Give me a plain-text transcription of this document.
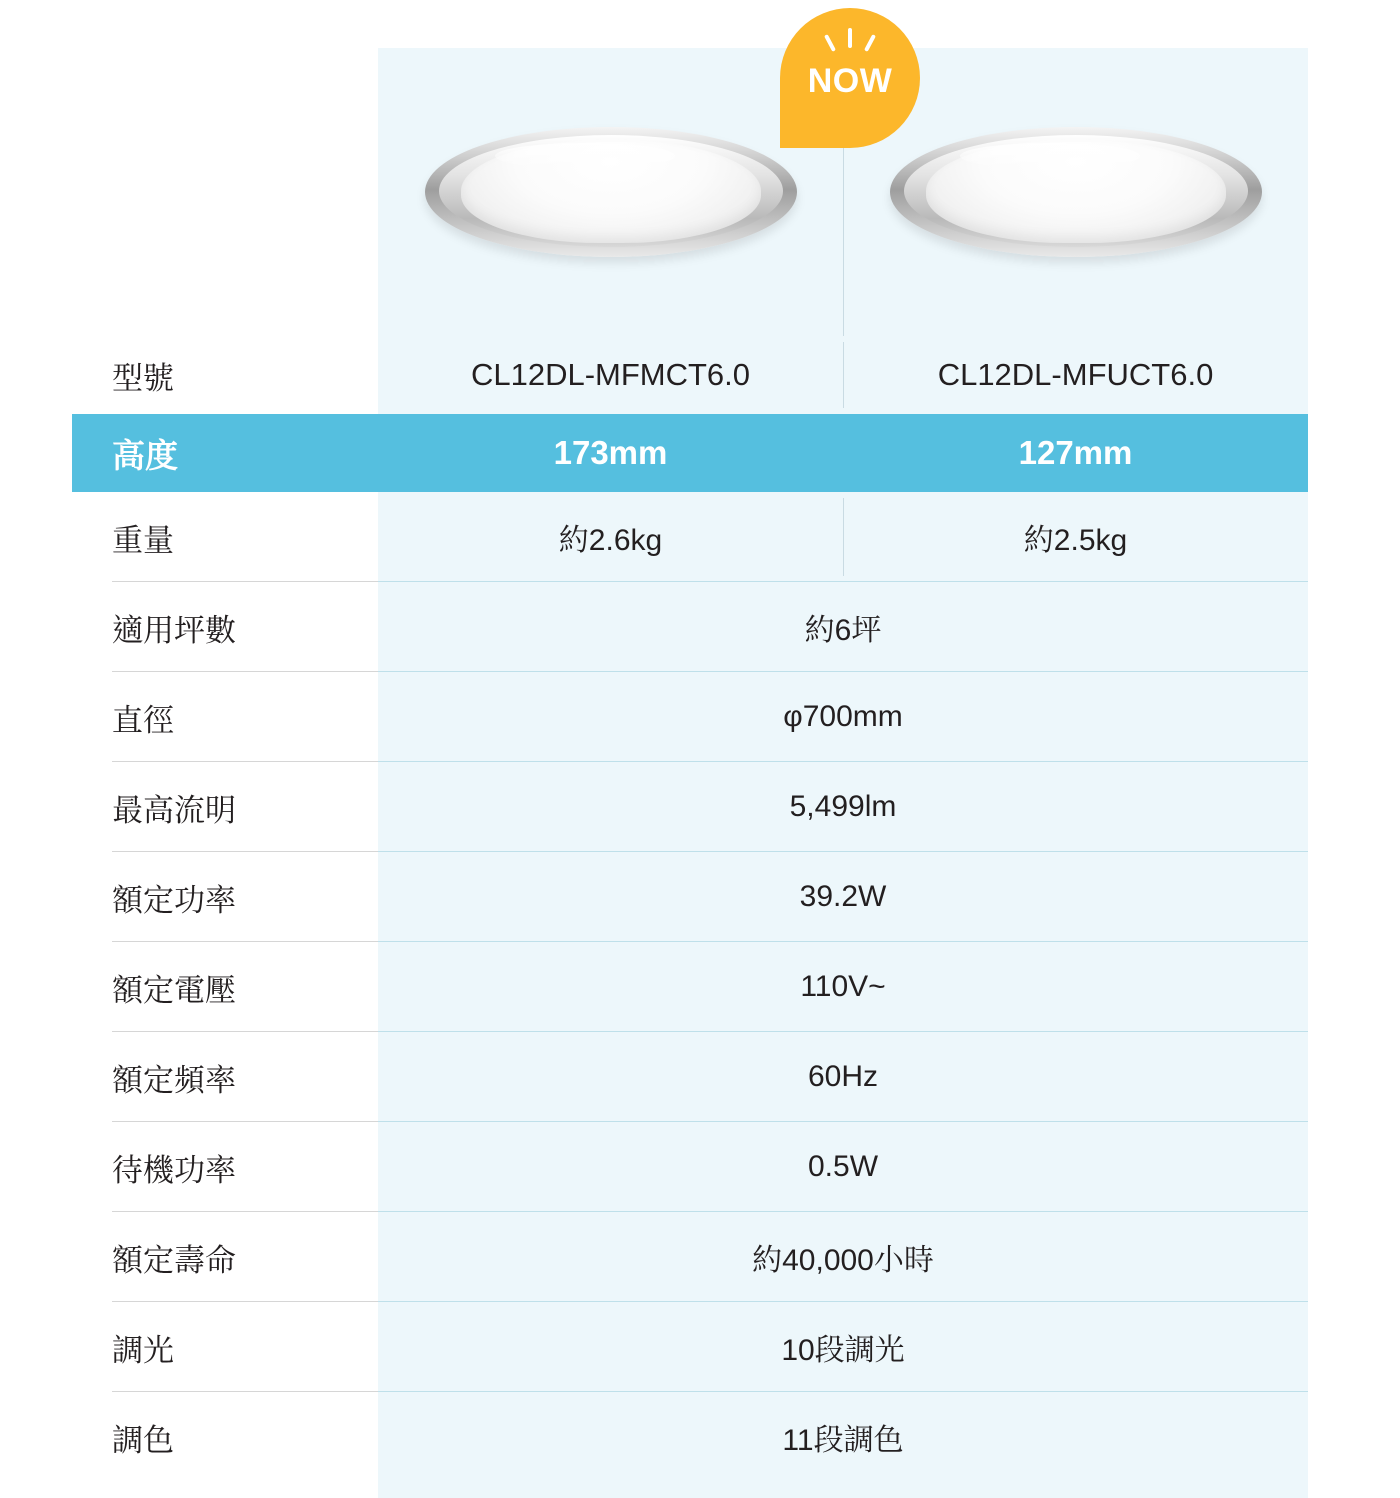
NOW
型號	CL12DL-MFMCT6.0	CL12DL-MFUCT6.0
高度	173mm	127mm
重量	約2.6kg	約2.5kg
適用坪數	約6坪
直徑	φ700mm
最高流明	5,499lm
額定功率	39.2W
額定電壓	110V~
額定頻率	60Hz
待機功率	0.5W
額定壽命	約40,000小時
調光	10段調光
調色	11段調色
